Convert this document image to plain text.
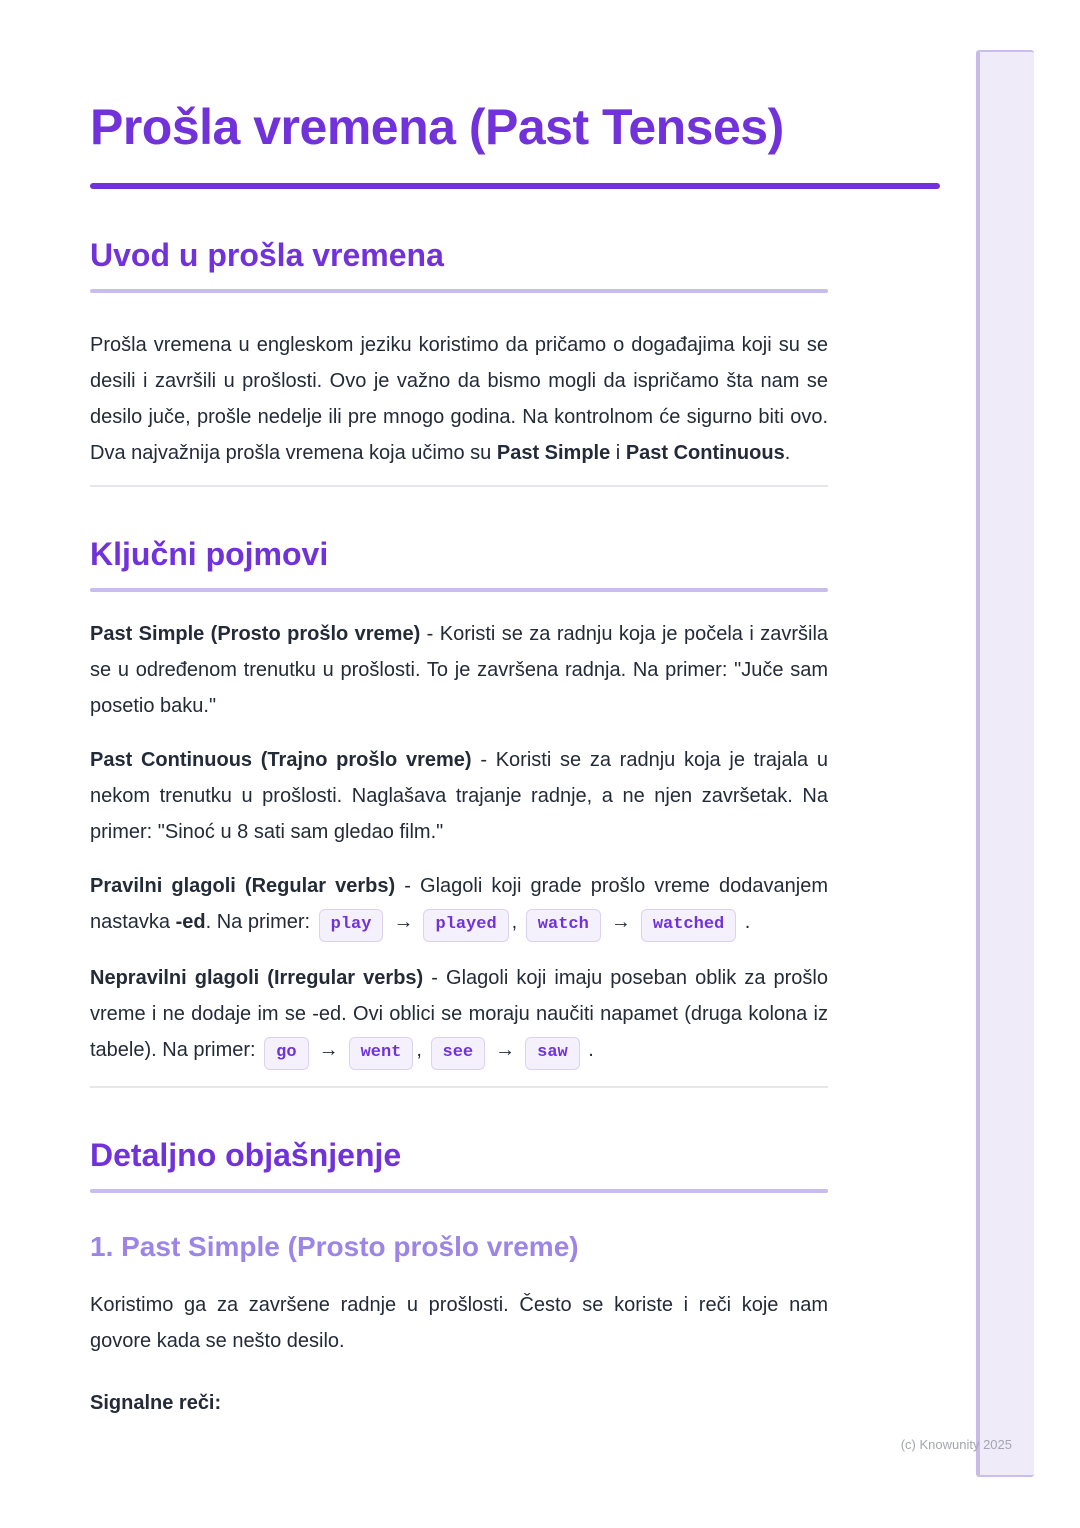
Prošla vremena (Past Tenses)
Uvod u prošla vremena

Prošla vremena u engleskom jeziku koristimo da pričamo o događajima koji su se desili i završili u prošlosti. Ovo je važno da bismo mogli da ispričamo šta nam se desilo juče, prošle nedelje ili pre mnogo godina. Na kontrolnom će sigurno biti ovo. Dva najvažnija prošla vremena koja učimo su Past Simple i Past Continuous.

Ključni pojmovi

Past Simple (Prosto prošlo vreme) - Koristi se za radnju koja je počela i završila se u određenom trenutku u prošlosti. To je završena radnja. Na primer: "Juče sam posetio baku."

Past Continuous (Trajno prošlo vreme) - Koristi se za radnju koja je trajala u nekom trenutku u prošlosti. Naglašava trajanje radnje, a ne njen završetak. Na primer: "Sinoć u 8 sati sam gledao film."

Pravilni glagoli (Regular verbs) - Glagoli koji grade prošlo vreme dodavanjem nastavka -ed. Na primer: play → played , watch → watched .

Nepravilni glagoli (Irregular verbs) - Glagoli koji imaju poseban oblik za prošlo vreme i ne dodaje im se -ed. Ovi oblici se moraju naučiti napamet (druga kolona iz tabele). Na primer: go → went , see → saw .

Detaljno objašnjenje
1. Past Simple (Prosto prošlo vreme)

Koristimo ga za završene radnje u prošlosti. Često se koriste i reči koje nam govore kada se nešto desilo.

Signalne reči:

(c) Knowunity 2025
